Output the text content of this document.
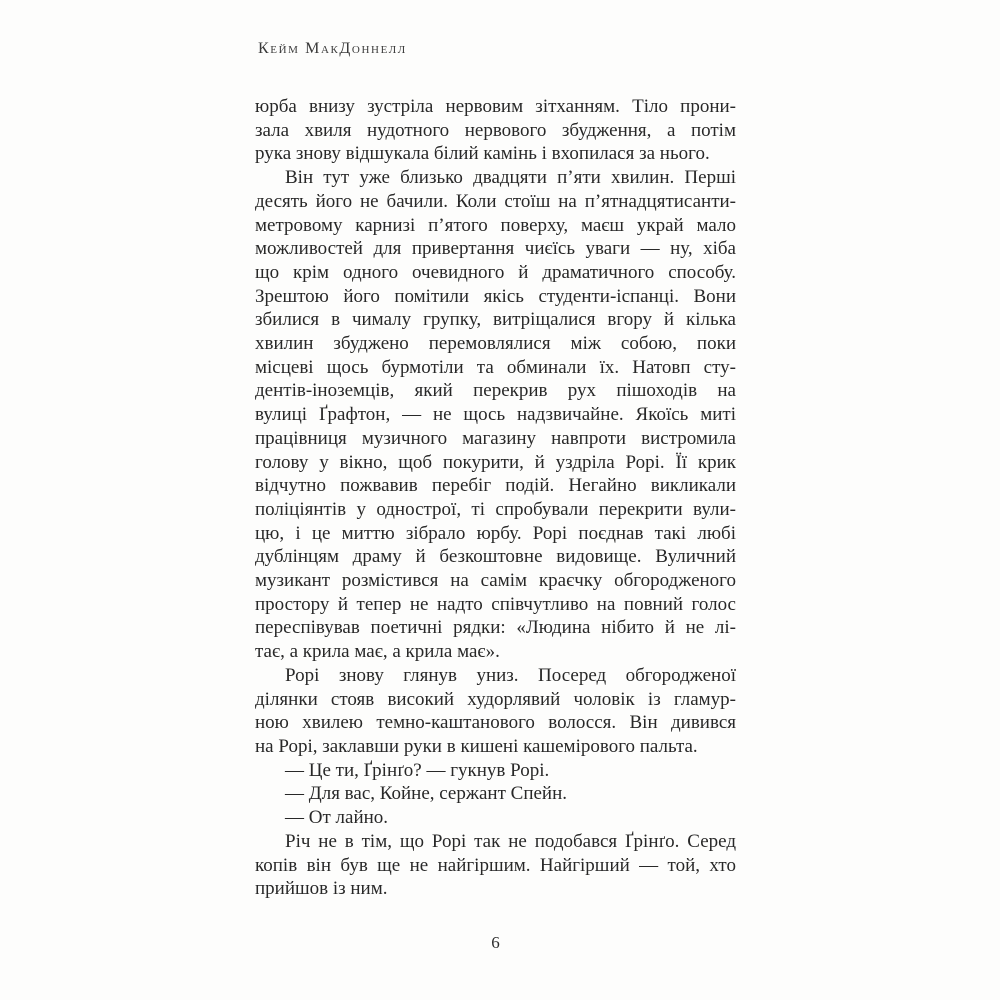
Кейм МакДоннелл
юрба внизу зустріла нервовим зітханням. Тіло прони-
зала хвиля нудотного нервового збудження, а потім
рука знову відшукала білий камінь і вхопилася за нього.
Він тут уже близько двадцяти п’яти хвилин. Перші
десять його не бачили. Коли стоїш на п’ятнадцятисанти-
метровому карнизі п’ятого поверху, маєш украй мало
можливостей для привертання чиєїсь уваги — ну, хіба
що крім одного очевидного й драматичного способу.
Зрештою його помітили якісь студенти-іспанці. Вони
збилися в чималу групку, витріщалися вгору й кілька
хвилин збуджено перемовлялися між собою, поки
місцеві щось бурмотіли та обминали їх. Натовп сту-
дентів-іноземців, який перекрив рух пішоходів на
вулиці Ґрафтон, — не щось надзвичайне. Якоїсь миті
працівниця музичного магазину навпроти вистромила
голову у вікно, щоб покурити, й уздріла Рорі. Її крик
відчутно пожвавив перебіг подій. Негайно викликали
поліціянтів у однострої, ті спробували перекрити вули-
цю, і це миттю зібрало юрбу. Рорі поєднав такі любі
дублінцям драму й безкоштовне видовище. Вуличний
музикант розмістився на самім краєчку обгородженого
простору й тепер не надто співчутливо на повний голос
переспівував поетичні рядки: «Людина нібито й не лі-
тає, а крила має, а крила має».
Рорі знову глянув униз. Посеред обгородженої
ділянки стояв високий худорлявий чоловік із гламур-
ною хвилею темно-каштанового волосся. Він дивився
на Рорі, заклавши руки в кишені кашемірового пальта.
— Це ти, Ґрінґо? — гукнув Рорі.
— Для вас, Койне, сержант Спейн.
— От лайно.
Річ не в тім, що Рорі так не подобався Ґрінґо. Серед
копів він був ще не найгіршим. Найгірший — той, хто
прийшов із ним.
6
